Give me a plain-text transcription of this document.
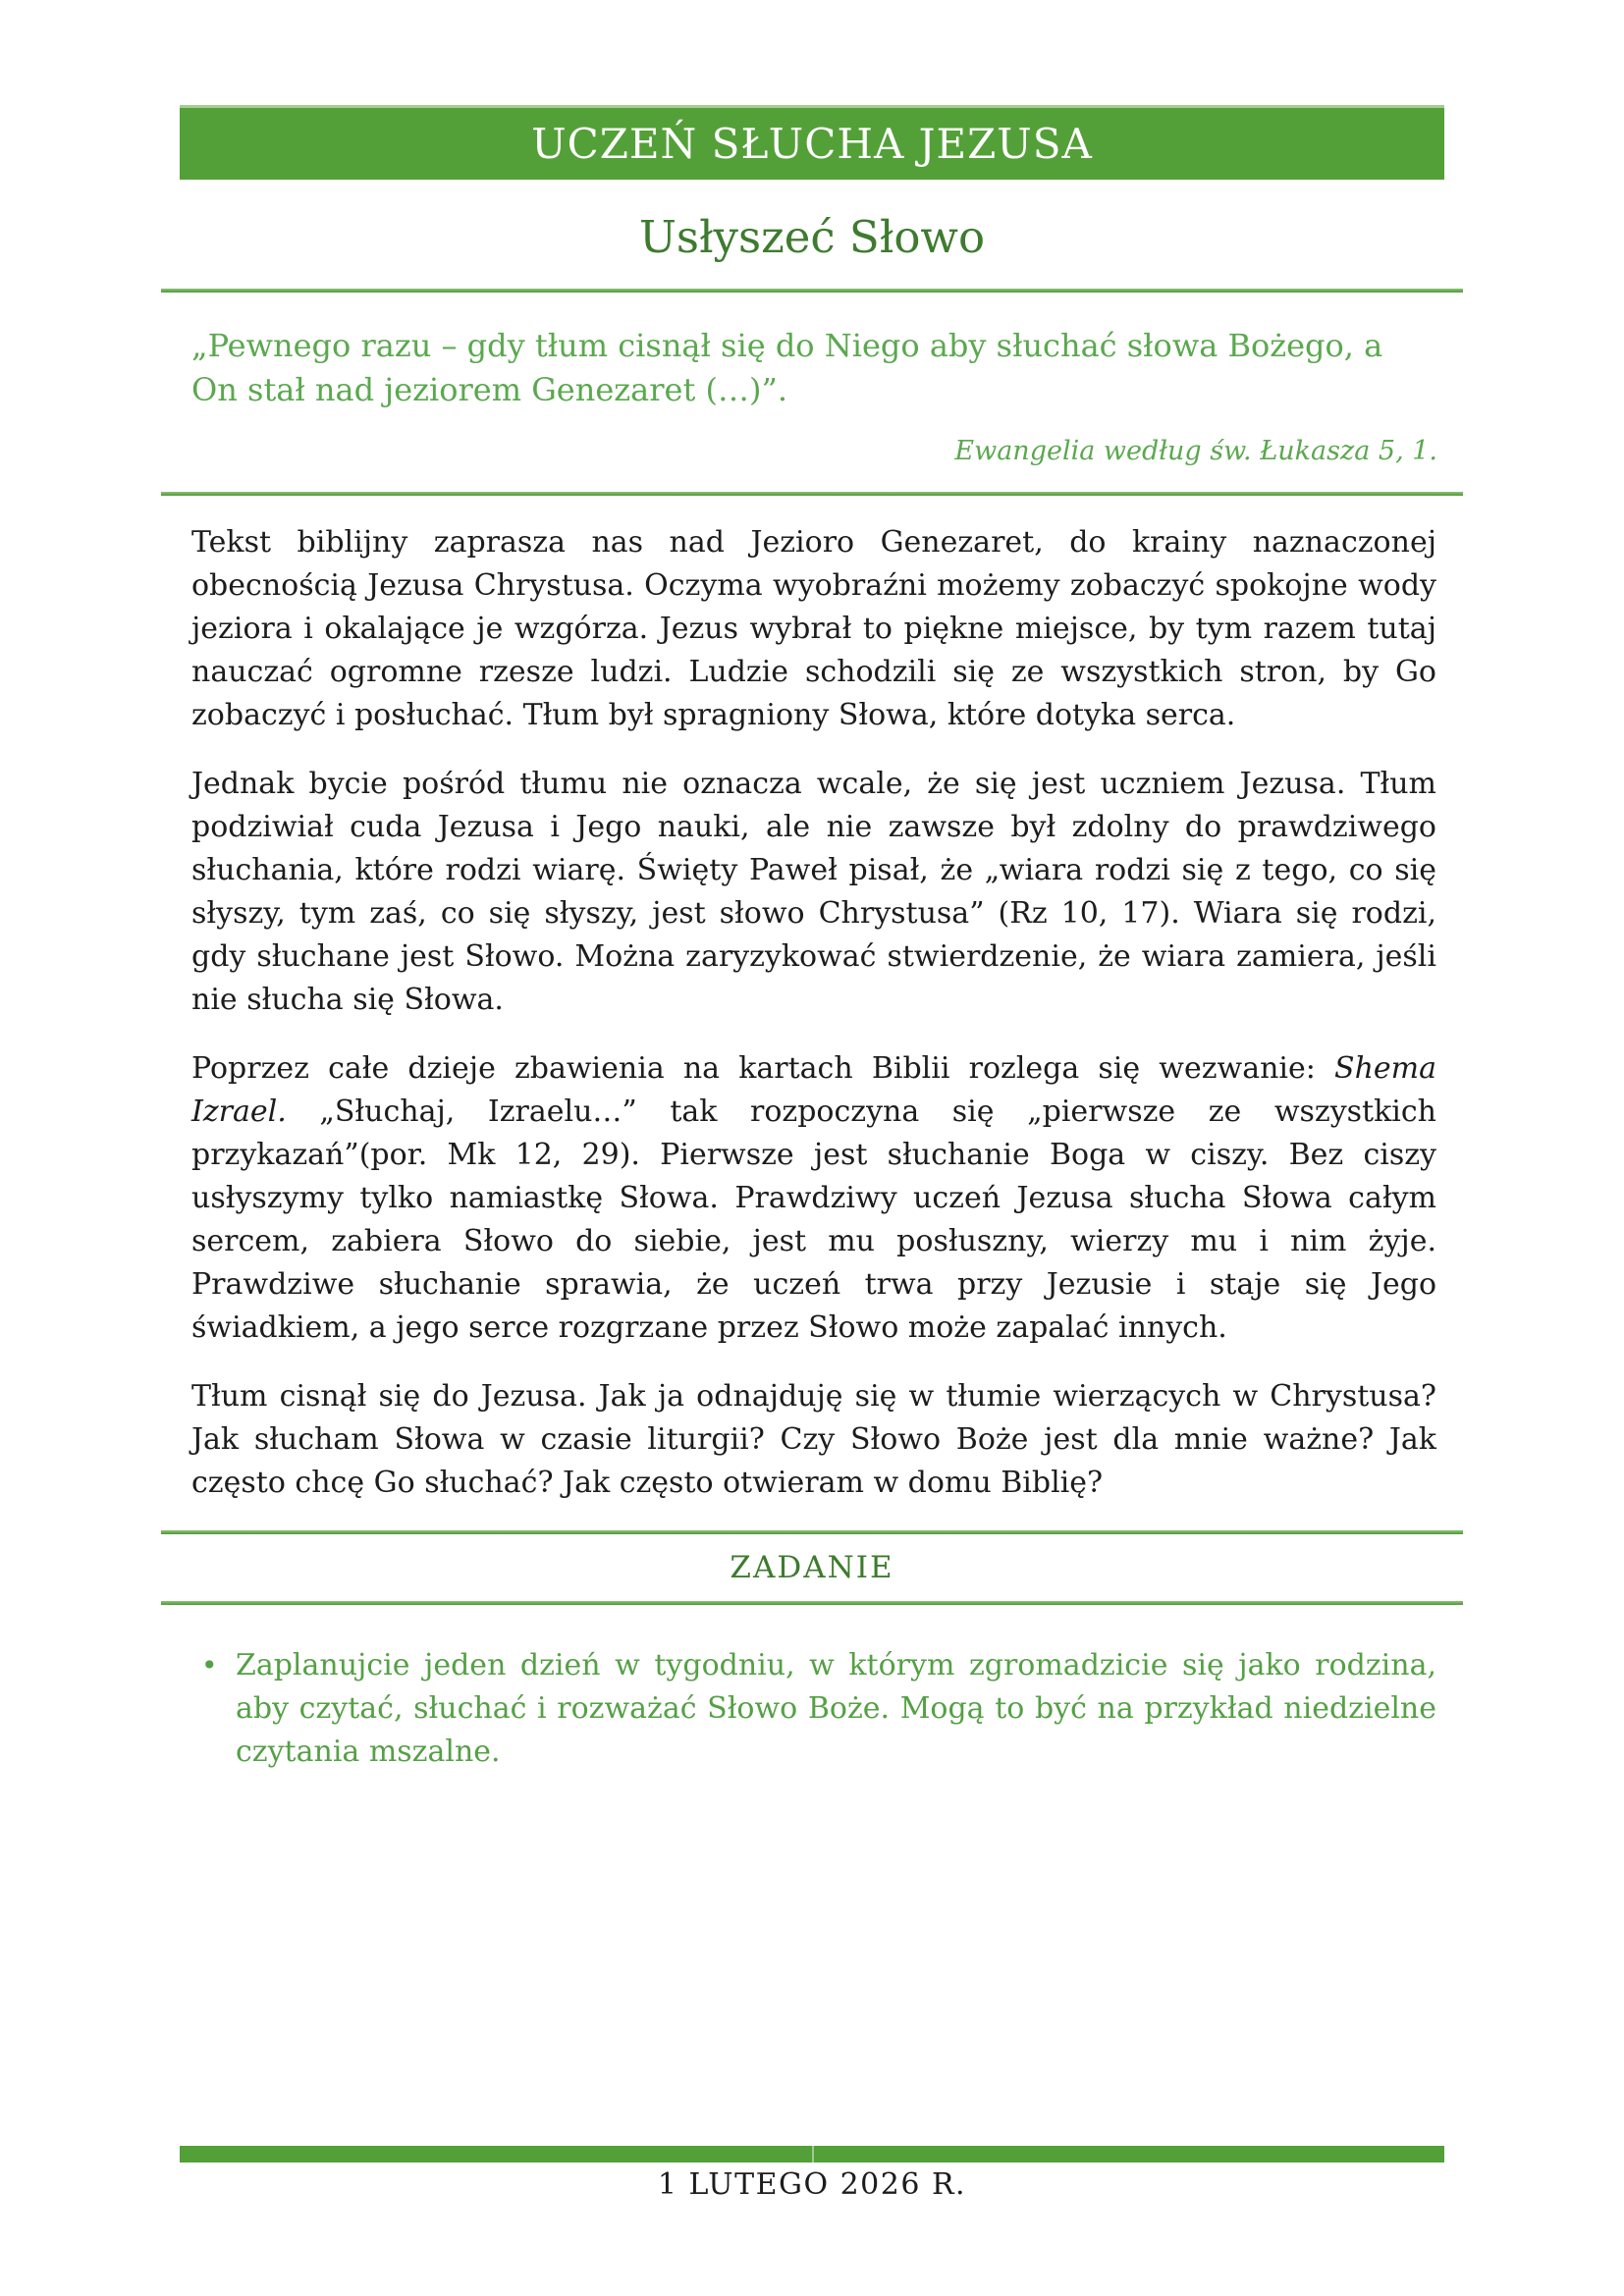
UCZEŃ SŁUCHA JEZUSA
Usłyszeć Słowo
„Pewnego razu – gdy tłum cisnął się do Niego aby słuchać słowa Bożego, a On stał nad jeziorem Genezaret (…)”.
Ewangelia według św. Łukasza 5, 1.

Tekst biblijny zaprasza nas nad Jezioro Genezaret, do krainy naznaczonej obecnością Jezusa Chrystusa. Oczyma wyobraźni możemy zobaczyć spokojne wody jeziora i okalające je wzgórza. Jezus wybrał to piękne miejsce, by tym razem tutaj nauczać ogromne rzesze ludzi. Ludzie schodzili się ze wszystkich stron, by Go zobaczyć i posłuchać. Tłum był spragniony Słowa, które dotyka serca.

Jednak bycie pośród tłumu nie oznacza wcale, że się jest uczniem Jezusa. Tłum podziwiał cuda Jezusa i Jego nauki, ale nie zawsze był zdolny do prawdziwego słuchania, które rodzi wiarę. Święty Paweł pisał, że „wiara rodzi się z tego, co się słyszy, tym zaś, co się słyszy, jest słowo Chrystusa” (Rz 10, 17). Wiara się rodzi, gdy słuchane jest Słowo. Można zaryzykować stwierdzenie, że wiara zamiera, jeśli nie słucha się Słowa.

Poprzez całe dzieje zbawienia na kartach Biblii rozlega się wezwanie: Shema Izrael. „Słuchaj, Izraelu…” tak rozpoczyna się „pierwsze ze wszystkich przykazań”(por. Mk 12, 29). Pierwsze jest słuchanie Boga w ciszy. Bez ciszy usłyszymy tylko namiastkę Słowa. Prawdziwy uczeń Jezusa słucha Słowa całym sercem, zabiera Słowo do siebie, jest mu posłuszny, wierzy mu i nim żyje. Prawdziwe słuchanie sprawia, że uczeń trwa przy Jezusie i staje się Jego świadkiem, a jego serce rozgrzane przez Słowo może zapalać innych.

Tłum cisnął się do Jezusa. Jak ja odnajduję się w tłumie wierzących w Chrystusa? Jak słucham Słowa w czasie liturgii? Czy Słowo Boże jest dla mnie ważne? Jak często chcę Go słuchać? Jak często otwieram w domu Biblię?

ZADANIE
• Zaplanujcie jeden dzień w tygodniu, w którym zgromadzicie się jako rodzina, aby czytać, słuchać i rozważać Słowo Boże. Mogą to być na przykład niedzielne czytania mszalne.
1 LUTEGO 2026 R.
